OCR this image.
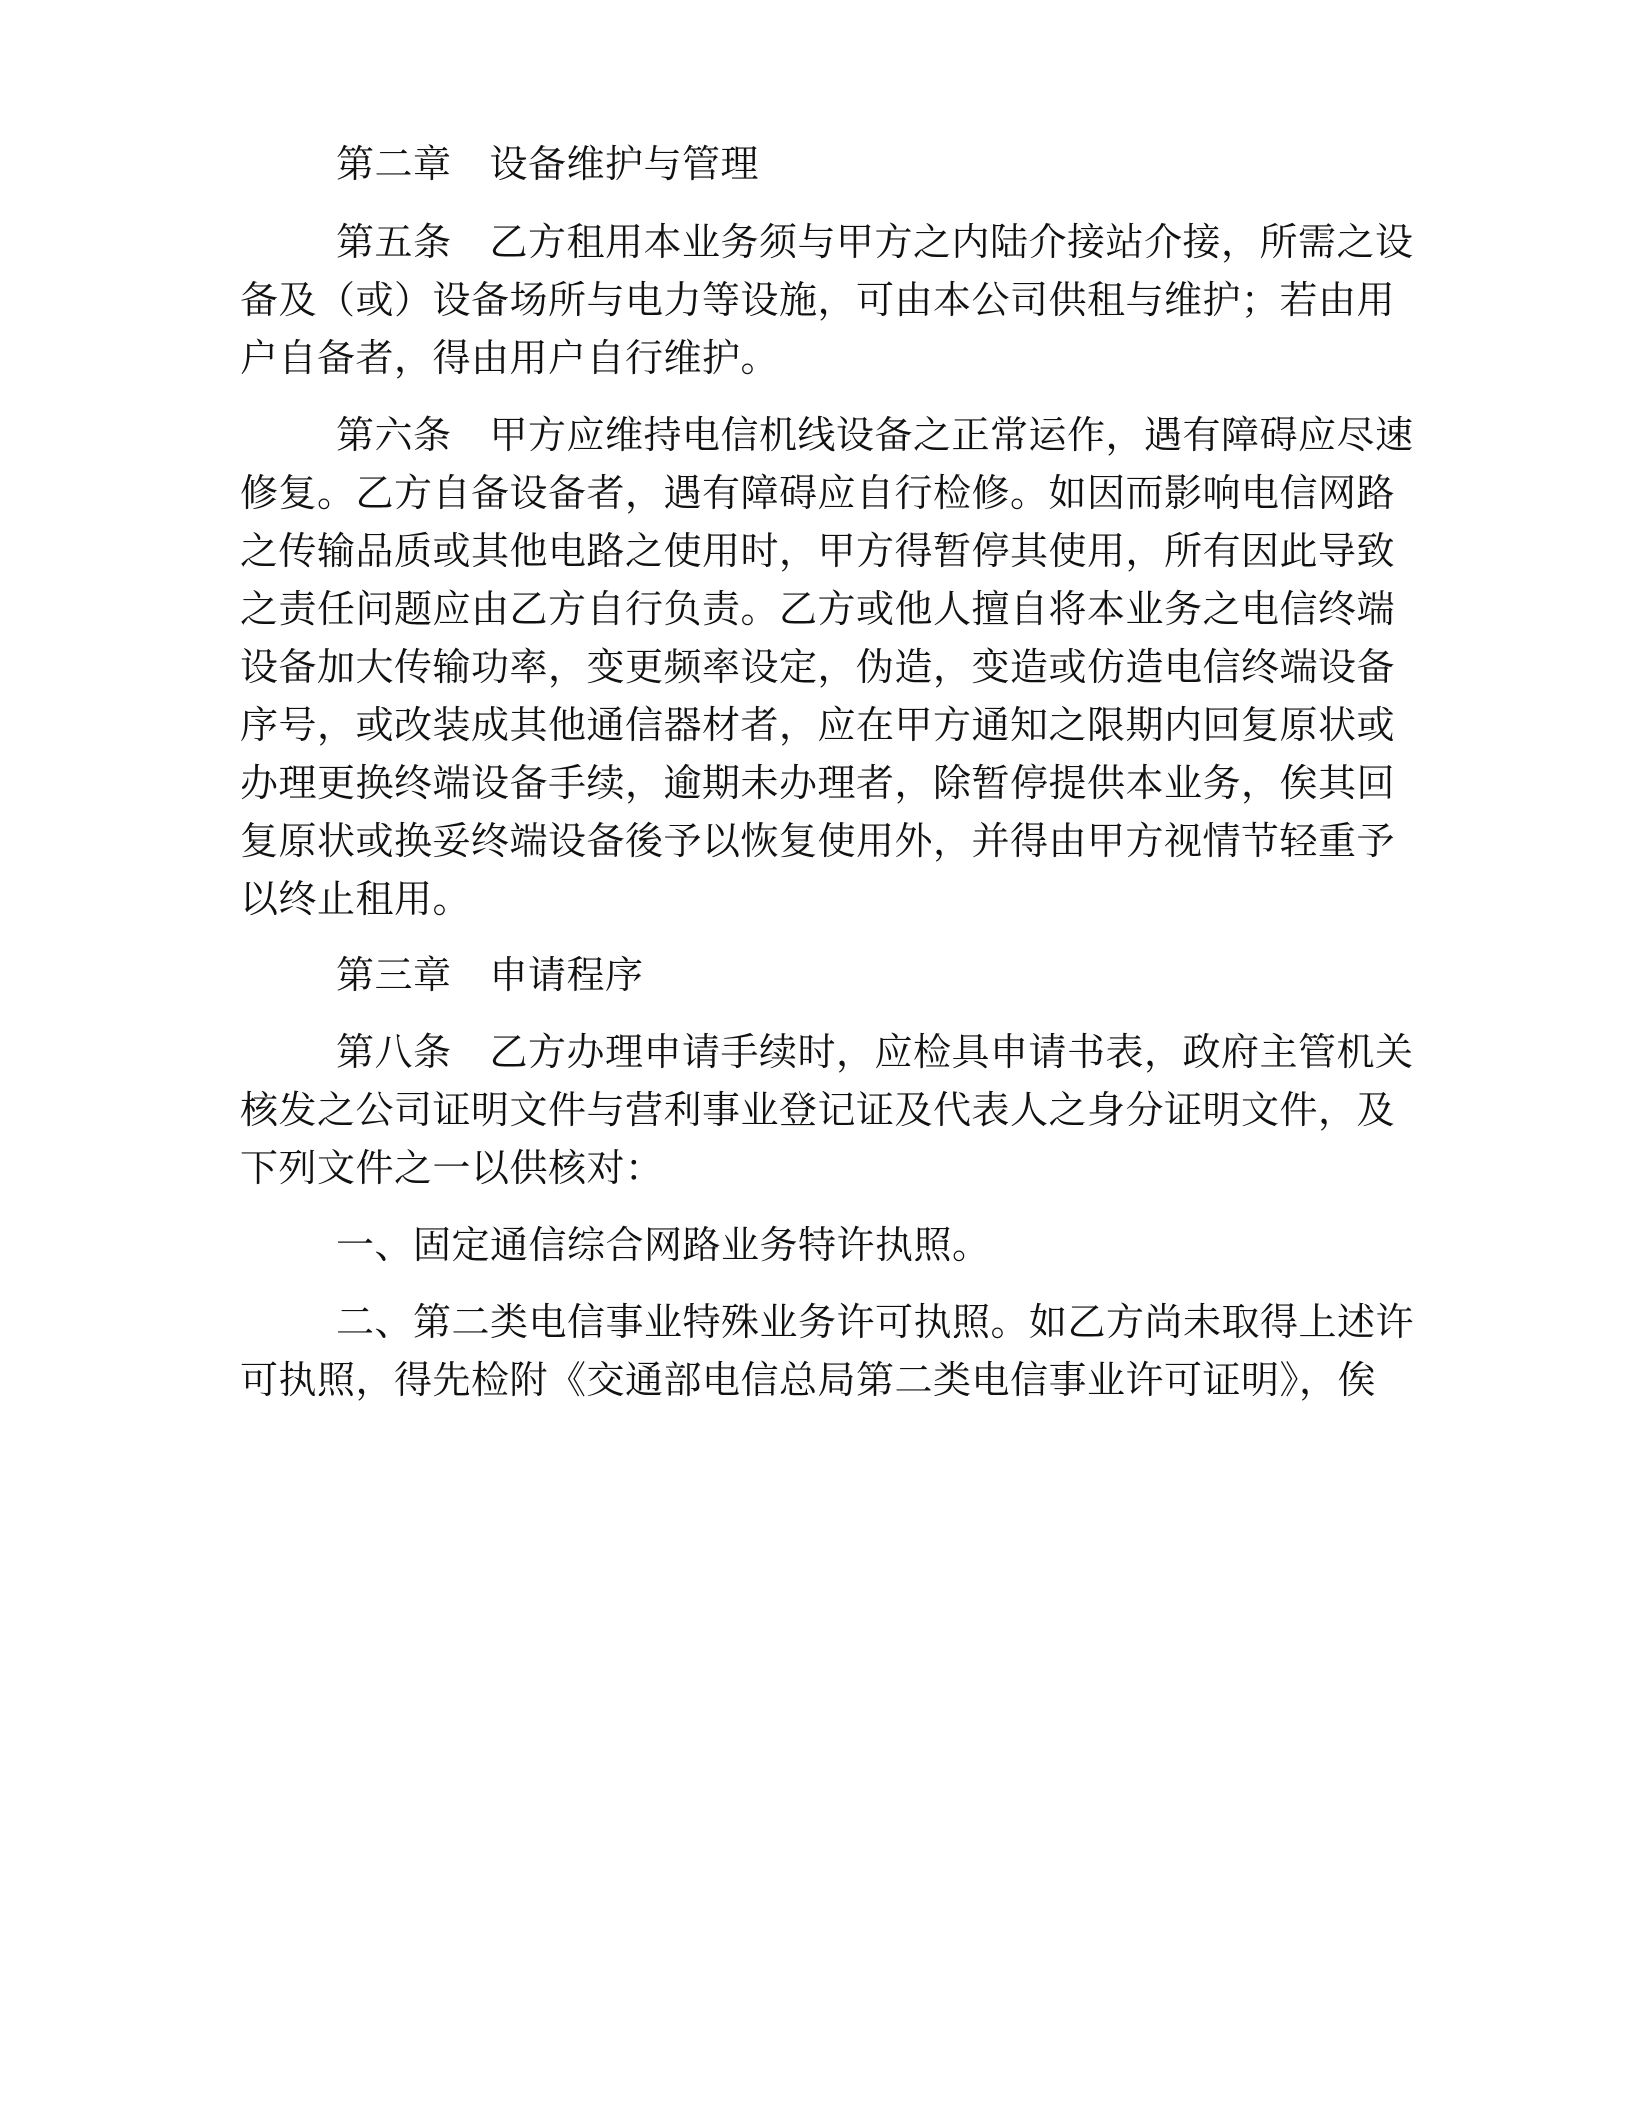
第二章 设备维护与管理
第五条 乙方租用本业务须与甲方之内陆介接站介接，所需之设
备及（或）设备场所与电力等设施，可由本公司供租与维护；若由用
户自备者，得由用户自行维护。
第六条 甲方应维持电信机线设备之正常运作，遇有障碍应尽速
修复。乙方自备设备者，遇有障碍应自行检修。如因而影响电信网路
之传输品质或其他电路之使用时，甲方得暂停其使用，所有因此导致
之责任问题应由乙方自行负责。乙方或他人擅自将本业务之电信终端
设备加大传输功率，变更频率设定，伪造，变造或仿造电信终端设备
序号，或改装成其他通信器材者，应在甲方通知之限期内回复原状或
办理更换终端设备手续，逾期未办理者，除暂停提供本业务，俟其回
复原状或换妥终端设备後予以恢复使用外，并得由甲方视情节轻重予
以终止租用。
第三章 申请程序
第八条 乙方办理申请手续时，应检具申请书表，政府主管机关
核发之公司证明文件与营利事业登记证及代表人之身分证明文件，及
下列文件之一以供核对：
一、固定通信综合网路业务特许执照。
二、第二类电信事业特殊业务许可执照。如乙方尚未取得上述许
可执照，得先检附《交通部电信总局第二类电信事业许可证明》，俟
